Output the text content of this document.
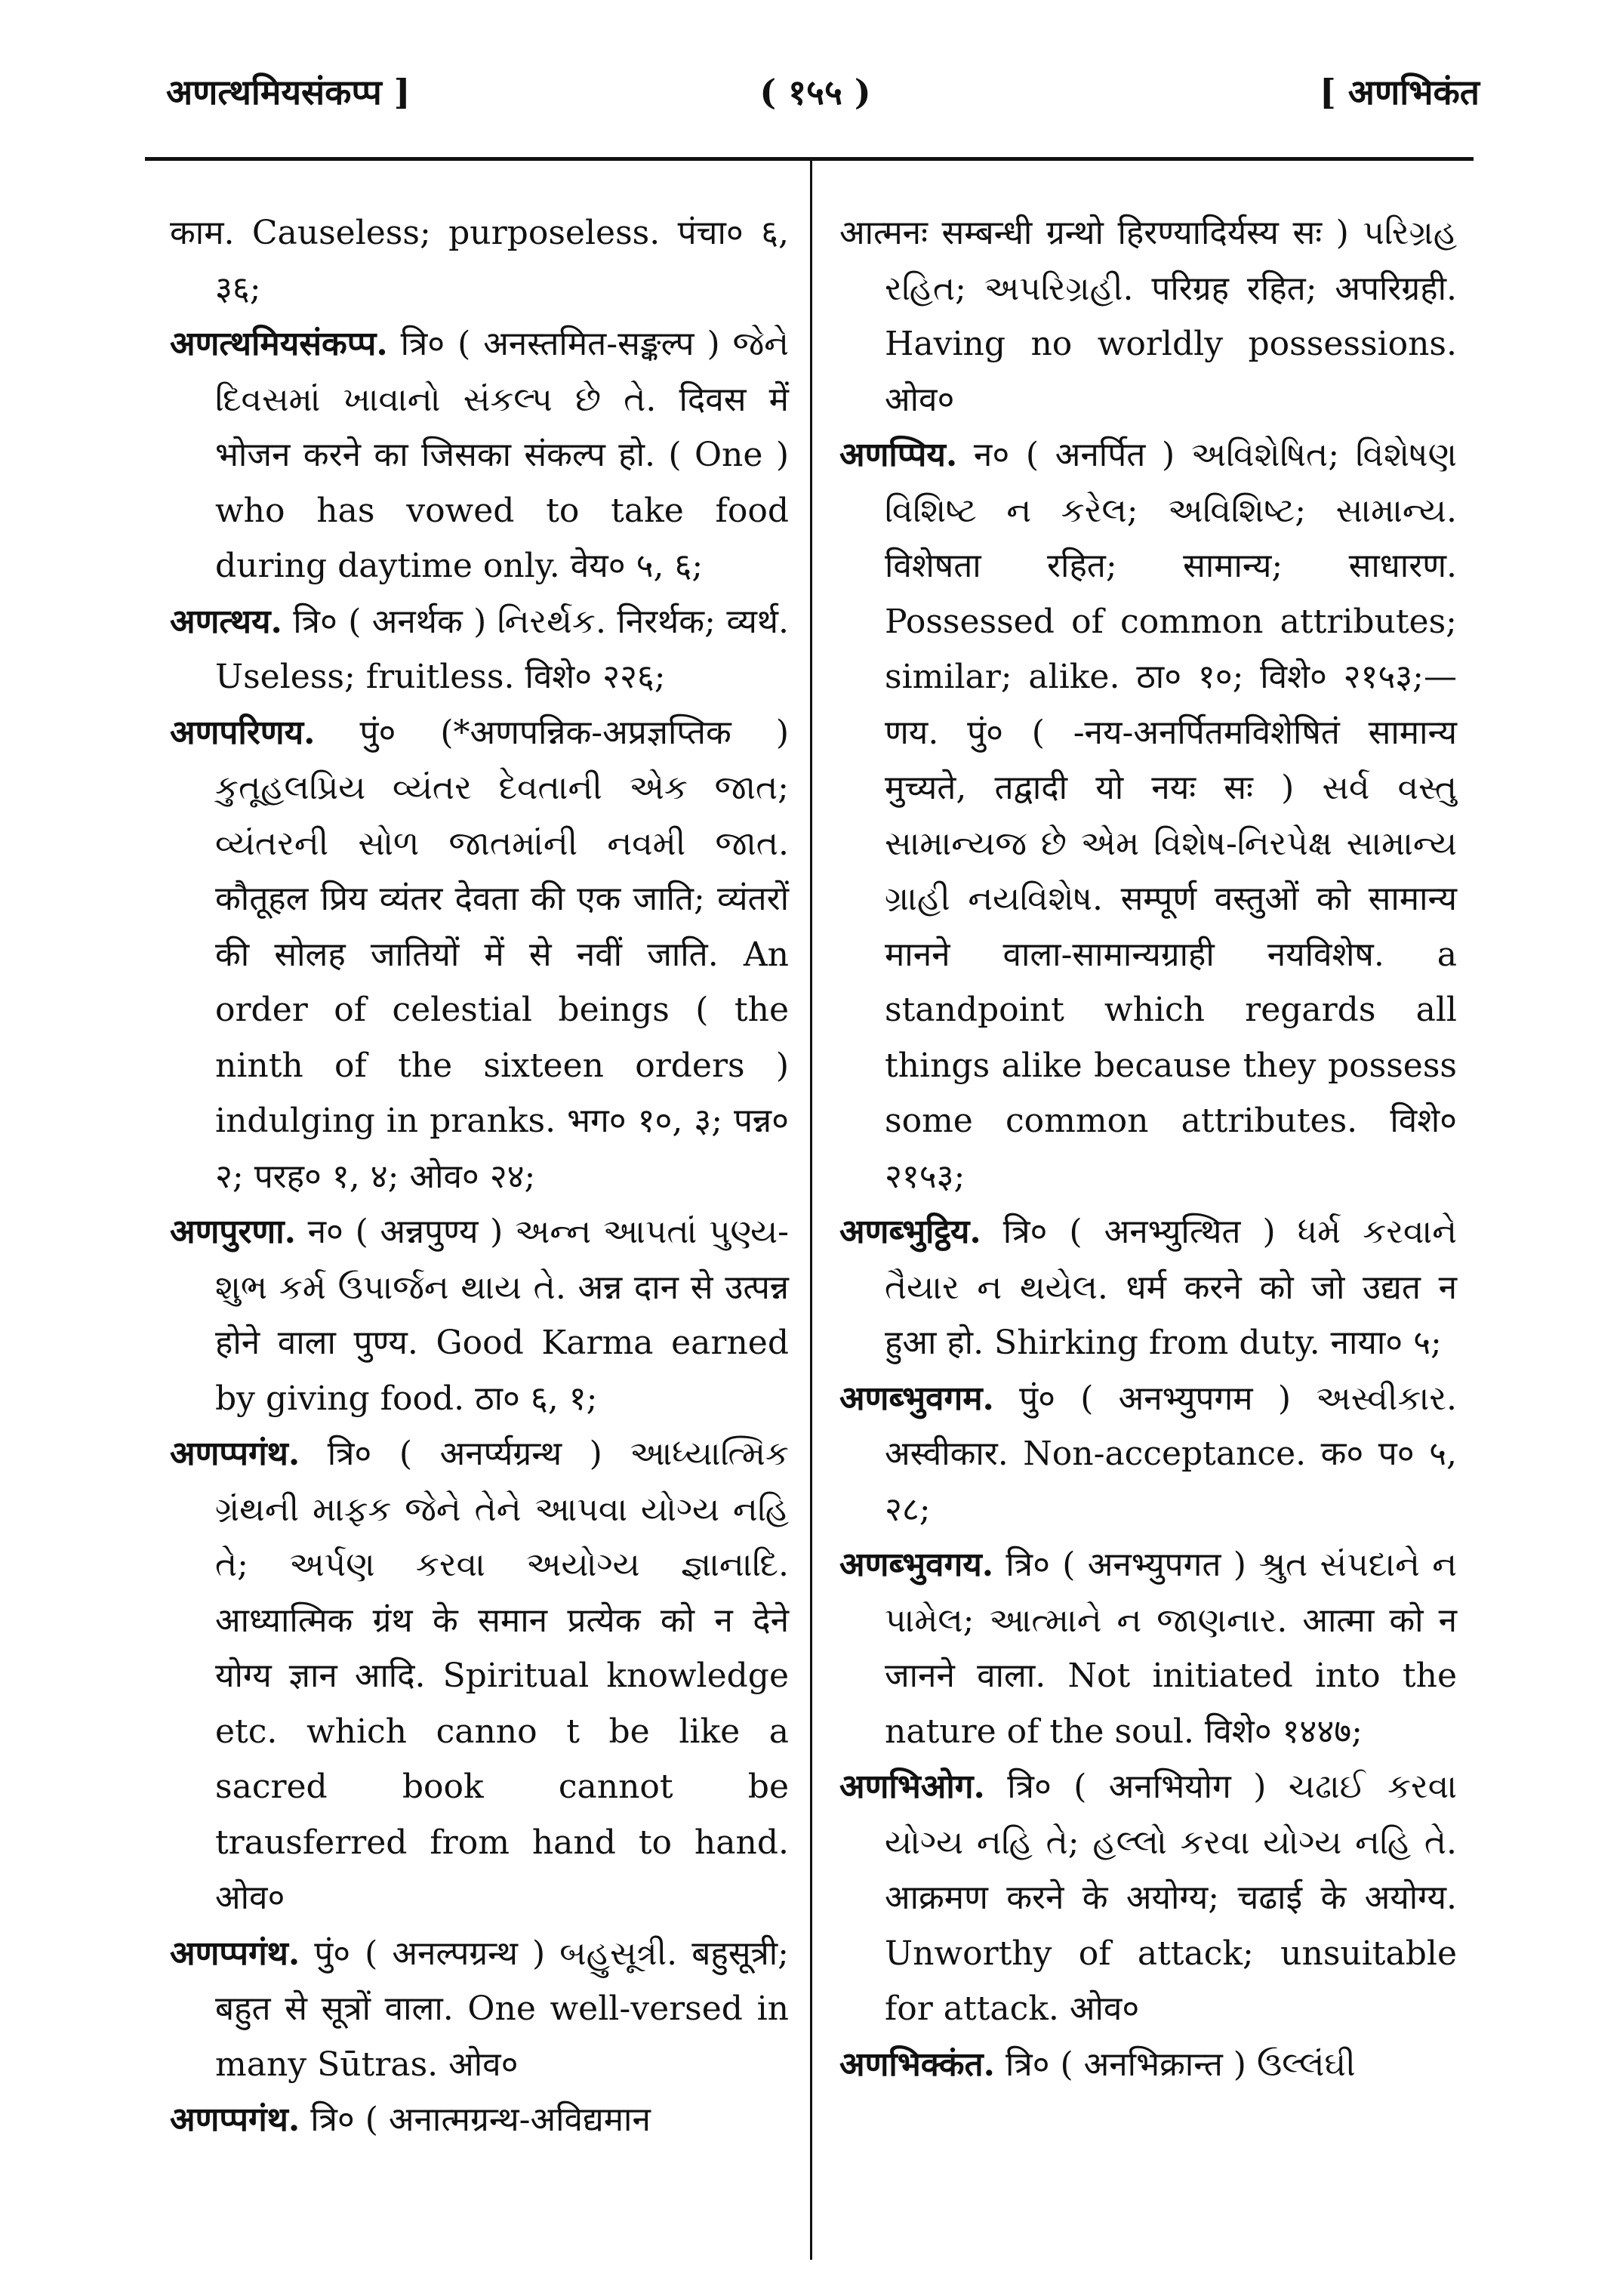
( १५५ )
अणत्थमियसंकप्प ]	[ अणभिकंत

काम. Causeless; purposeless. पंचा० ६, ३६;

अणत्थमियसंकप्प. त्रि० ( अनस्तमित-सङ्कल्प ) જેને દિવસમાં ખાવાનો સંકલ્પ છે તે. दिवस में भोजन करने का जिसका संकल्प हो. ( One ) who has vowed to take food during daytime only. वेय० ५, ६;

अणत्थय. त्रि० ( अनर्थक ) નિરર્થક. निरर्थक; व्यर्थ. Useless; fruitless. विशे० २२६;

अणपरिणय. पुं० (*अणपन्निक-अप्रज्ञप्तिक ) કુતૂહલપ્રિય વ્યંતર દેવતાની એક જાત; વ્યંતરની સોળ જાતમાંની નવમી જાત. कौतूहल प्रिय व्यंतर देवता की एक जाति; व्यंतरों की सोलह जातियों में से नवीं जाति. An order of celestial beings ( the ninth of the sixteen orders ) indulging in pranks. भग० १०, ३; पन्न० २; परह० १, ४; ओव० २४;

अणपुरणा. न० ( अन्नपुण्य ) અન્ન આપતાં પુણ્ય-શુભ કર્મ ઉપાર્જન થાય તે. अन्न दान से उत्पन्न होने वाला पुण्य. Good Karma earned by giving food. ठा० ६, १;

अणप्पगंथ. त्रि० ( अनर्प्यग्रन्थ ) આધ્યાત્મિક ગ્રંથની માફક જેને તેને આપવા યોગ્ય નહિ તે; અર્પણ કરવા અયોગ્ય જ્ઞાનાદિ. आध्यात्मिक ग्रंथ के समान प्रत्येक को न देने योग्य ज्ञान आदि. Spiritual knowledge etc. which canno t be like a sacred book cannot be trausferred from hand to hand. ओव०

अणप्पगंथ. पुं० ( अनल्पग्रन्थ ) બહુસૂત્રી. बहुसूत्री; बहुत से सूत्रों वाला. One well-versed in many Sūtras. ओव०

अणप्पगंथ. त्रि० ( अनात्मग्रन्थ-अविद्यमान

आत्मनः सम्बन्धी ग्रन्थो हिरण्यादिर्यस्य सः ) પરિગ્રહ રહિત; અપરિગ્રહી. परिग्रह रहित; अपरिग्रही. Having no worldly possessions. ओव०

अणप्पिय. न० ( अनर्पित ) અવિશેષિત; વિશેષણ વિશિષ્ટ ન કરેલ; અવિશિષ્ટ; સામાન્ય. विशेषता रहित; सामान्य; साधारण. Possessed of common attributes; similar; alike. ठा० १०; विशे० २१५३;—णय. पुं० ( -नय-अनर्पितमविशेषितं सामान्य मुच्यते, तद्वादी यो नयः सः ) સર્વ વસ્તુ સામાન્યજ છે એમ વિશેષ-નિરપેક્ષ સામાન્ય ગ્રાહી નયવિશેષ. सम्पूर्ण वस्तुओं को सामान्य मानने वाला-सामान्यग्राही नयविशेष. a standpoint which regards all things alike because they possess some common attributes. विशे० २१५३;

अणब्भुट्ठिय. त्रि० ( अनभ्युत्थित ) ધર્મ કરવાને તૈયાર ન થયેલ. धर्म करने को जो उद्यत न हुआ हो. Shirking from duty. नाया० ५;

अणब्भुवगम. पुं० ( अनभ्युपगम ) અસ્વીકાર. अस्वीकार. Non-acceptance. क० प० ५, २८;

अणब्भुवगय. त्रि० ( अनभ्युपगत ) શ્રુત સંપદાને ન પામેલ; આત્માને ન જાણનાર. आत्मा को न जानने वाला. Not initiated into the nature of the soul. विशे० १४४७;

अणभिओग. त्रि० ( अनभियोग ) ચઢાઈ કરવા યોગ્ય નહિ તે; હલ્લો કરવા યોગ્ય નહિ તે. आक्रमण करने के अयोग्य; चढाई के अयोग्य. Unworthy of attack; unsuitable for attack. ओव०

अणभिक्कंत. त्रि० ( अनभिक्रान्त ) ઉલ્લંઘી
